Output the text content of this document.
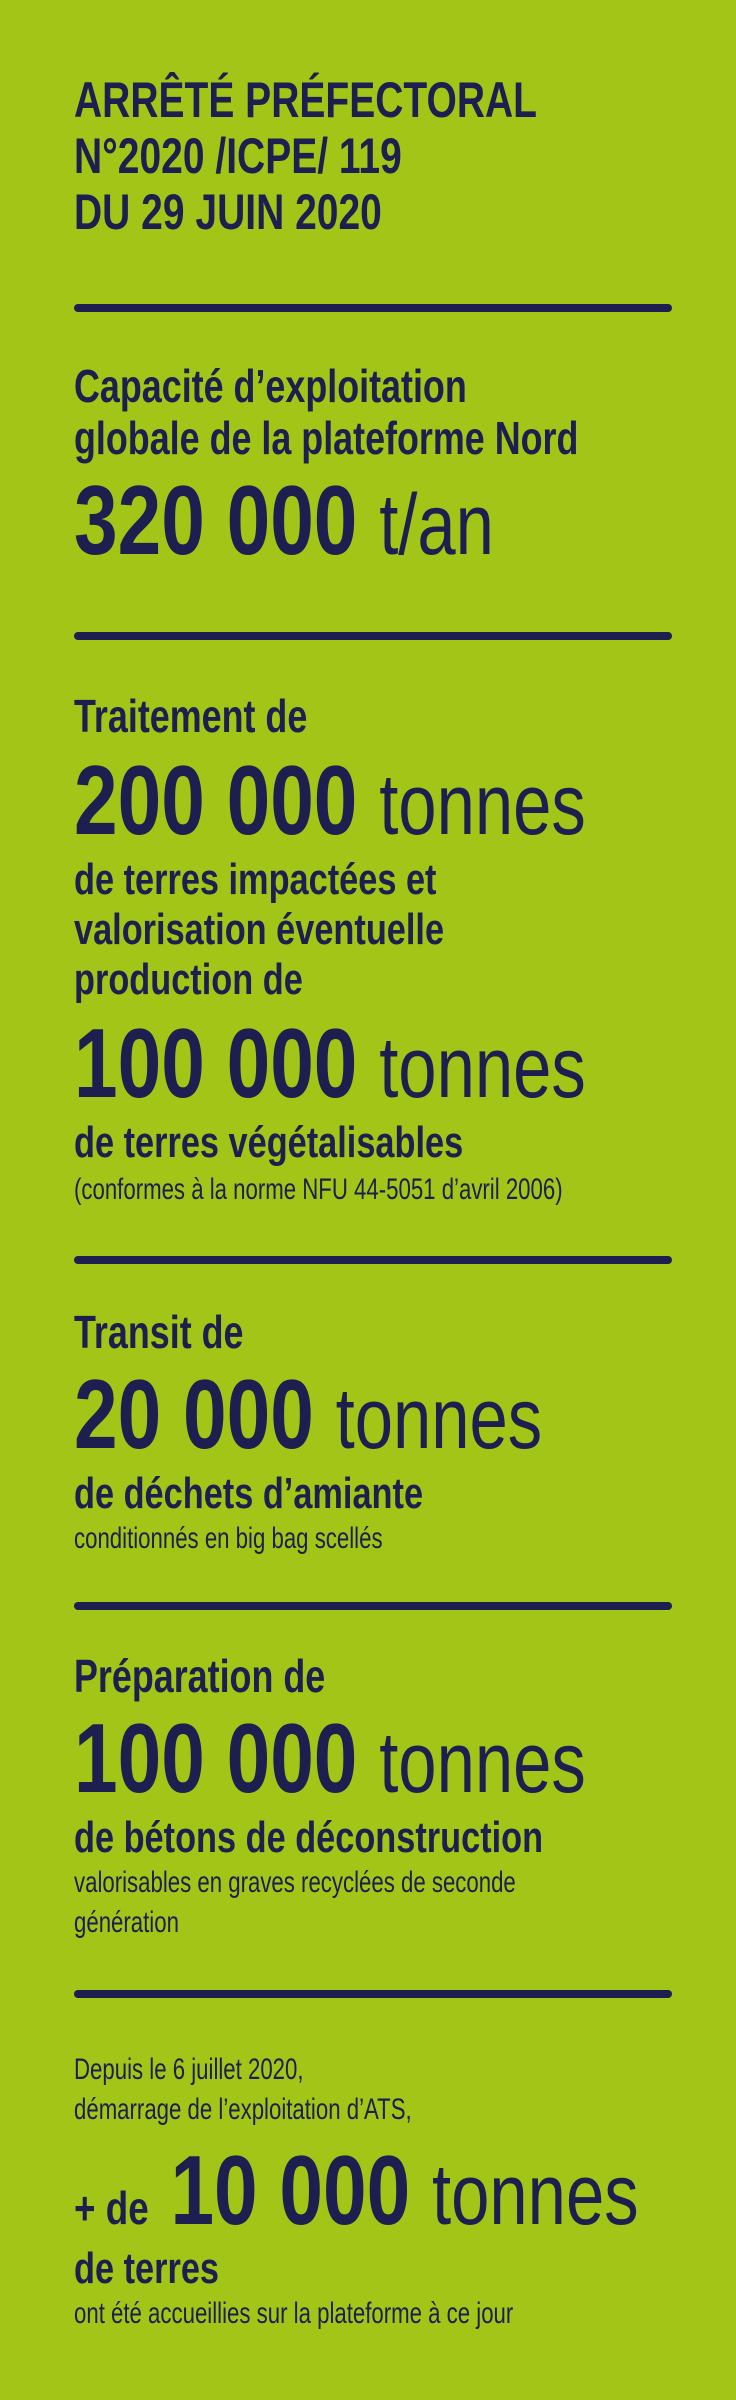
ARRÊTÉ PRÉFECTORAL
N°2020 /ICPE/ 119
DU 29 JUIN 2020
Capacité d’exploitation
globale de la plateforme Nord
320 000 t/an
Traitement de
200 000 tonnes
de terres impactées et
valorisation éventuelle
production de
100 000 tonnes
de terres végétalisables
(conformes à la norme NFU 44-5051 d’avril 2006)
Transit de
20 000 tonnes
de déchets d’amiante
conditionnés en big bag scellés
Préparation de
100 000 tonnes
de bétons de déconstruction
valorisables en graves recyclées de seconde
génération
Depuis le 6 juillet 2020,
démarrage de l’exploitation d’ATS,
+ de 10 000 tonnes
de terres
ont été accueillies sur la plateforme à ce jour
